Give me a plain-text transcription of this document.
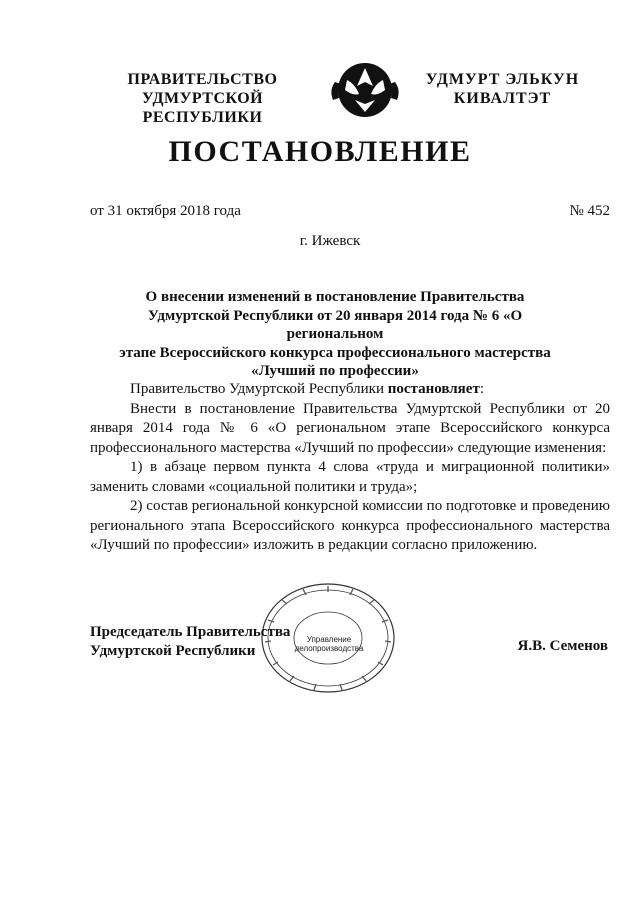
ПРАВИТЕЛЬСТВО
УДМУРТСКОЙ РЕСПУБЛИКИ
УДМУРТ ЭЛЬКУН
КИВАЛТЭТ
ПОСТАНОВЛЕНИЕ
от 31 октября 2018 года	№ 452
г. Ижевск
О внесении изменений в постановление Правительства
Удмуртской Республики от 20 января 2014 года № 6 «О региональном
этапе Всероссийского конкурса профессионального мастерства
«Лучший по профессии»

Правительство Удмуртской Республики постановляет:

Внести в постановление Правительства Удмуртской Республики от 20 января 2014 года № 6 «О региональном этапе Всероссийского конкурса профессионального мастерства «Лучший по профессии» следующие изменения:

1) в абзаце первом пункта 4 слова «труда и миграционной политики» заменить словами «социальной политики и труда»;

2) состав региональной конкурсной комиссии по подготовке и проведению регионального этапа Всероссийского конкурса профессионального мастерства «Лучший по профессии» изложить в редакции согласно приложению.

Управление
делопроизводства
Председатель Правительства
Удмуртской Республики	Я.В. Семенов
